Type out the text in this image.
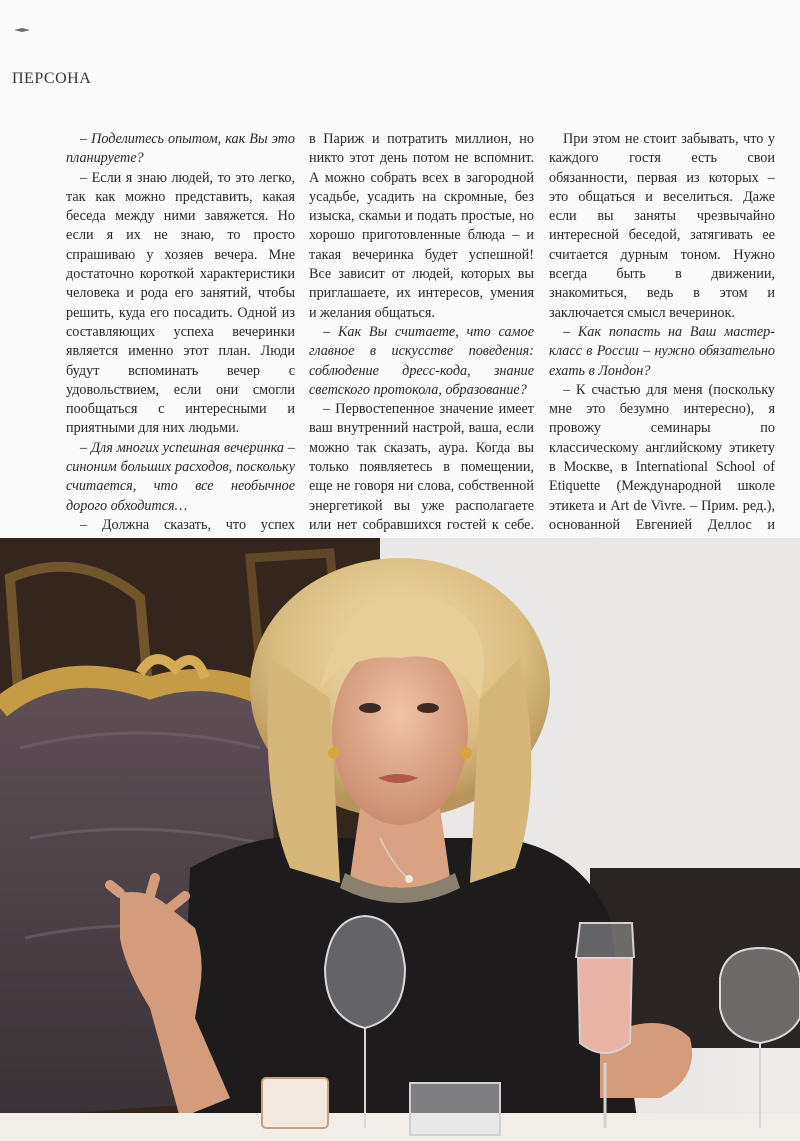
ПЕРСОНА

– Поделитесь опытом, как Вы это планируете?

– Если я знаю людей, то это легко, так как можно представить, какая беседа между ними завяжется. Но если я их не знаю, то просто спрашиваю у хозяев вечера. Мне достаточно короткой характеристики человека и рода его занятий, чтобы решить, куда его посадить. Одной из составляющих успеха вечеринки является именно этот план. Люди будут вспоминать вечер с удовольствием, если они смогли пообщаться с интересными и приятными для них людьми.

– Для многих успешная вечеринка – синоним больших расходов, поскольку считается, что все необычное дорого обходится…

– Должна сказать, что успех

в Париж и потратить миллион, но никто этот день потом не вспомнит. А можно собрать всех в загородной усадьбе, усадить на скромные, без изыска, скамьи и подать простые, но хорошо приготовленные блюда – и такая вечеринка будет успешной! Все зависит от людей, которых вы приглашаете, их интересов, умения и желания общаться.

– Как Вы считаете, что самое главное в искусстве поведения: соблюдение дресс-кода, знание светского протокола, образование?

– Первостепенное значение имеет ваш внутренний настрой, ваша, если можно так сказать, аура. Когда вы только появляетесь в помещении, еще не говоря ни слова, собственной энергетикой вы уже располагаете или нет собравшихся гостей к себе.

При этом не стоит забывать, что у каждого гостя есть свои обязанности, первая из которых – это общаться и веселиться. Даже если вы заняты чрезвычайно интересной беседой, затягивать ее считается дурным тоном. Нужно всегда быть в движении, знакомиться, ведь в этом и заключается смысл вечеринок.

– Как попасть на Ваш мастер-класс в России – нужно обязательно ехать в Лондон?

– К счастью для меня (поскольку мне это безумно интересно), я провожу семинары по классическому английскому этикету в Москве, в International School of Etiquette (Международной школе этикета и Art de Vivre. – Прим. ред.), основанной Евгенией Деллос и

24	MILLIONAIRE INTERNATIONAL 2013
